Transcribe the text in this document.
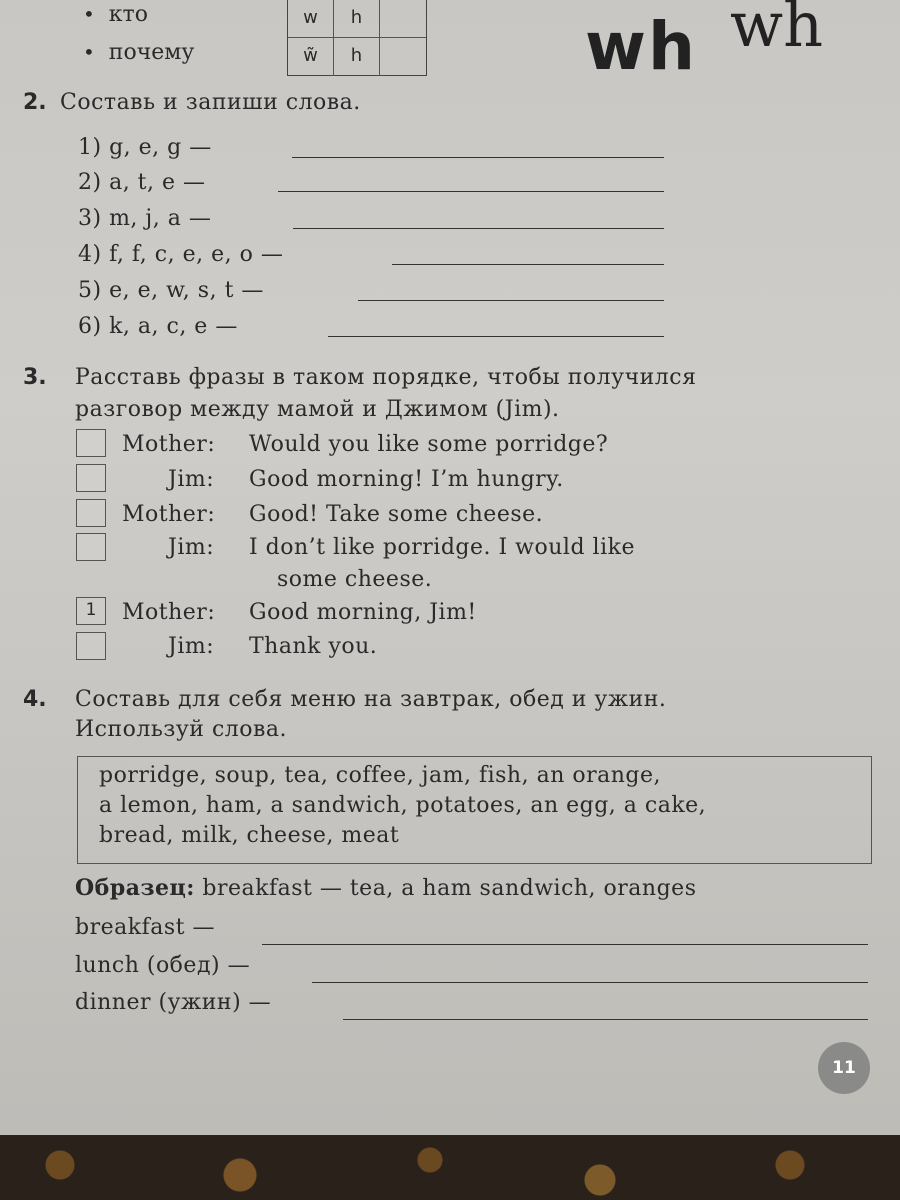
• кто
• почему
w	h
w̃	h	wh wh
2. Составь и запиши слова.
1) g, e, g —
2) a, t, e —
3) m, j, a —
4) f, f, c, e, e, o —
5) e, e, w, s, t —
6) k, a, c, e —
3. Расставь фразы в таком порядке, чтобы получился
разговор между мамой и Джимом (Jim).
Mother: Would you like some porridge?
Jim: Good morning! I’m hungry.
Mother: Good! Take some cheese.
Jim: I don’t like porridge. I would like
some cheese.
1	Mother: Good morning, Jim!
Jim: Thank you.
4. Составь для себя меню на завтрак, обед и ужин.
Используй слова.
porridge, soup, tea, coffee, jam, fish, an orange,
a lemon, ham, a sandwich, potatoes, an egg, a cake,
bread, milk, cheese, meat
Образец: breakfast — tea, a ham sandwich, oranges
breakfast —
lunch (обед) —
dinner (ужин) —
11
